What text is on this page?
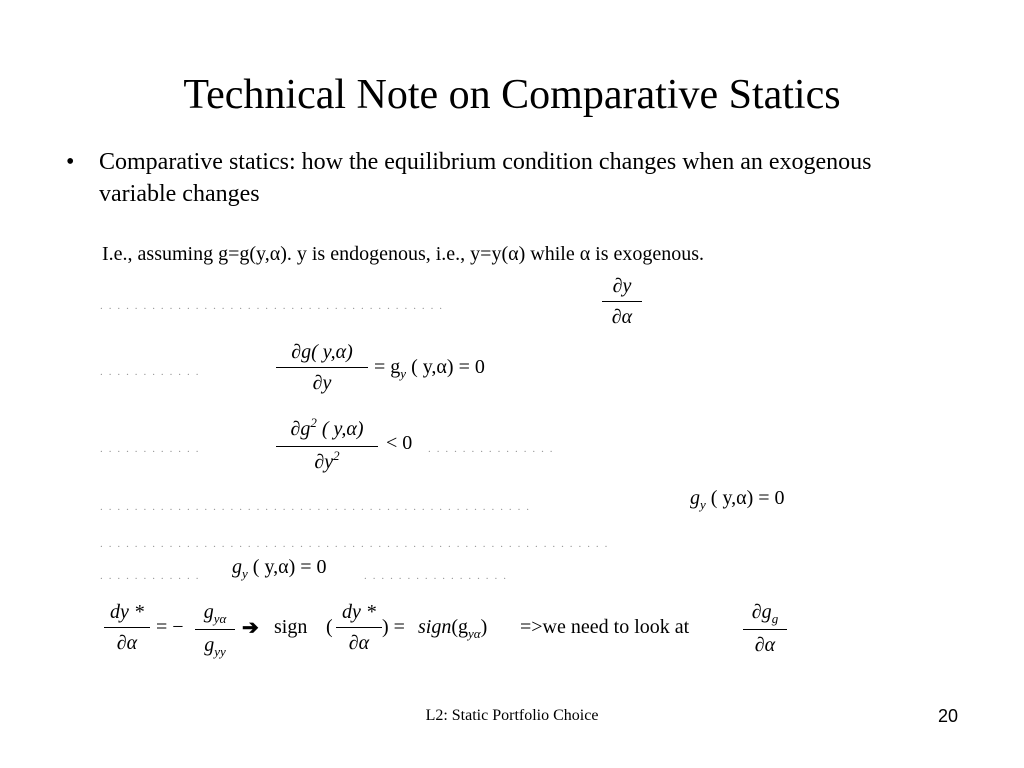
Technical Note on Comparative Statics
• Comparative statics: how the equilibrium condition changes when an exogenous variable changes
I.e., assuming g=g(y,α). y is endogenous, i.e., y=y(α) while α is exogenous.
. . . . . . . . . . . . . . . . . . . . . . . . . . . . . . . . . . . . . . . .
∂y
∂α
. . . . . . . . . . . .
∂g( y,α)
∂y
= $g_y$ ( y,α) = 0
. . . . . . . . . . . .
$\partial g^2$ ( y,α)
$\partial y^2$
< 0 . . . . . . . . . . . . . . .
. . . . . . . . . . . . . . . . . . . . . . . . . . . . . . . . . . . . . . . . . . . . . . . . . .	$g_y$ ( y,α) = 0
. . . . . . . . . . . . . . . . . . . . . . . . . . . . . . . . . . . . . . . . . . . . . . . . . . . . . . . . . . .
. . . . . . . . . . . . $g_y$ ( y,α) = 0	. . . . . . . . . . . . . . . . .
dy *
∂α
= −
$g_{y\alpha}$
$g_{yy}$
➔ sign (
dy *
∂α
) = $sign(g_{y\alpha}) =>we$ need to look at
$\partial g_g$
∂α
L2: Static Portfolio Choice	20
